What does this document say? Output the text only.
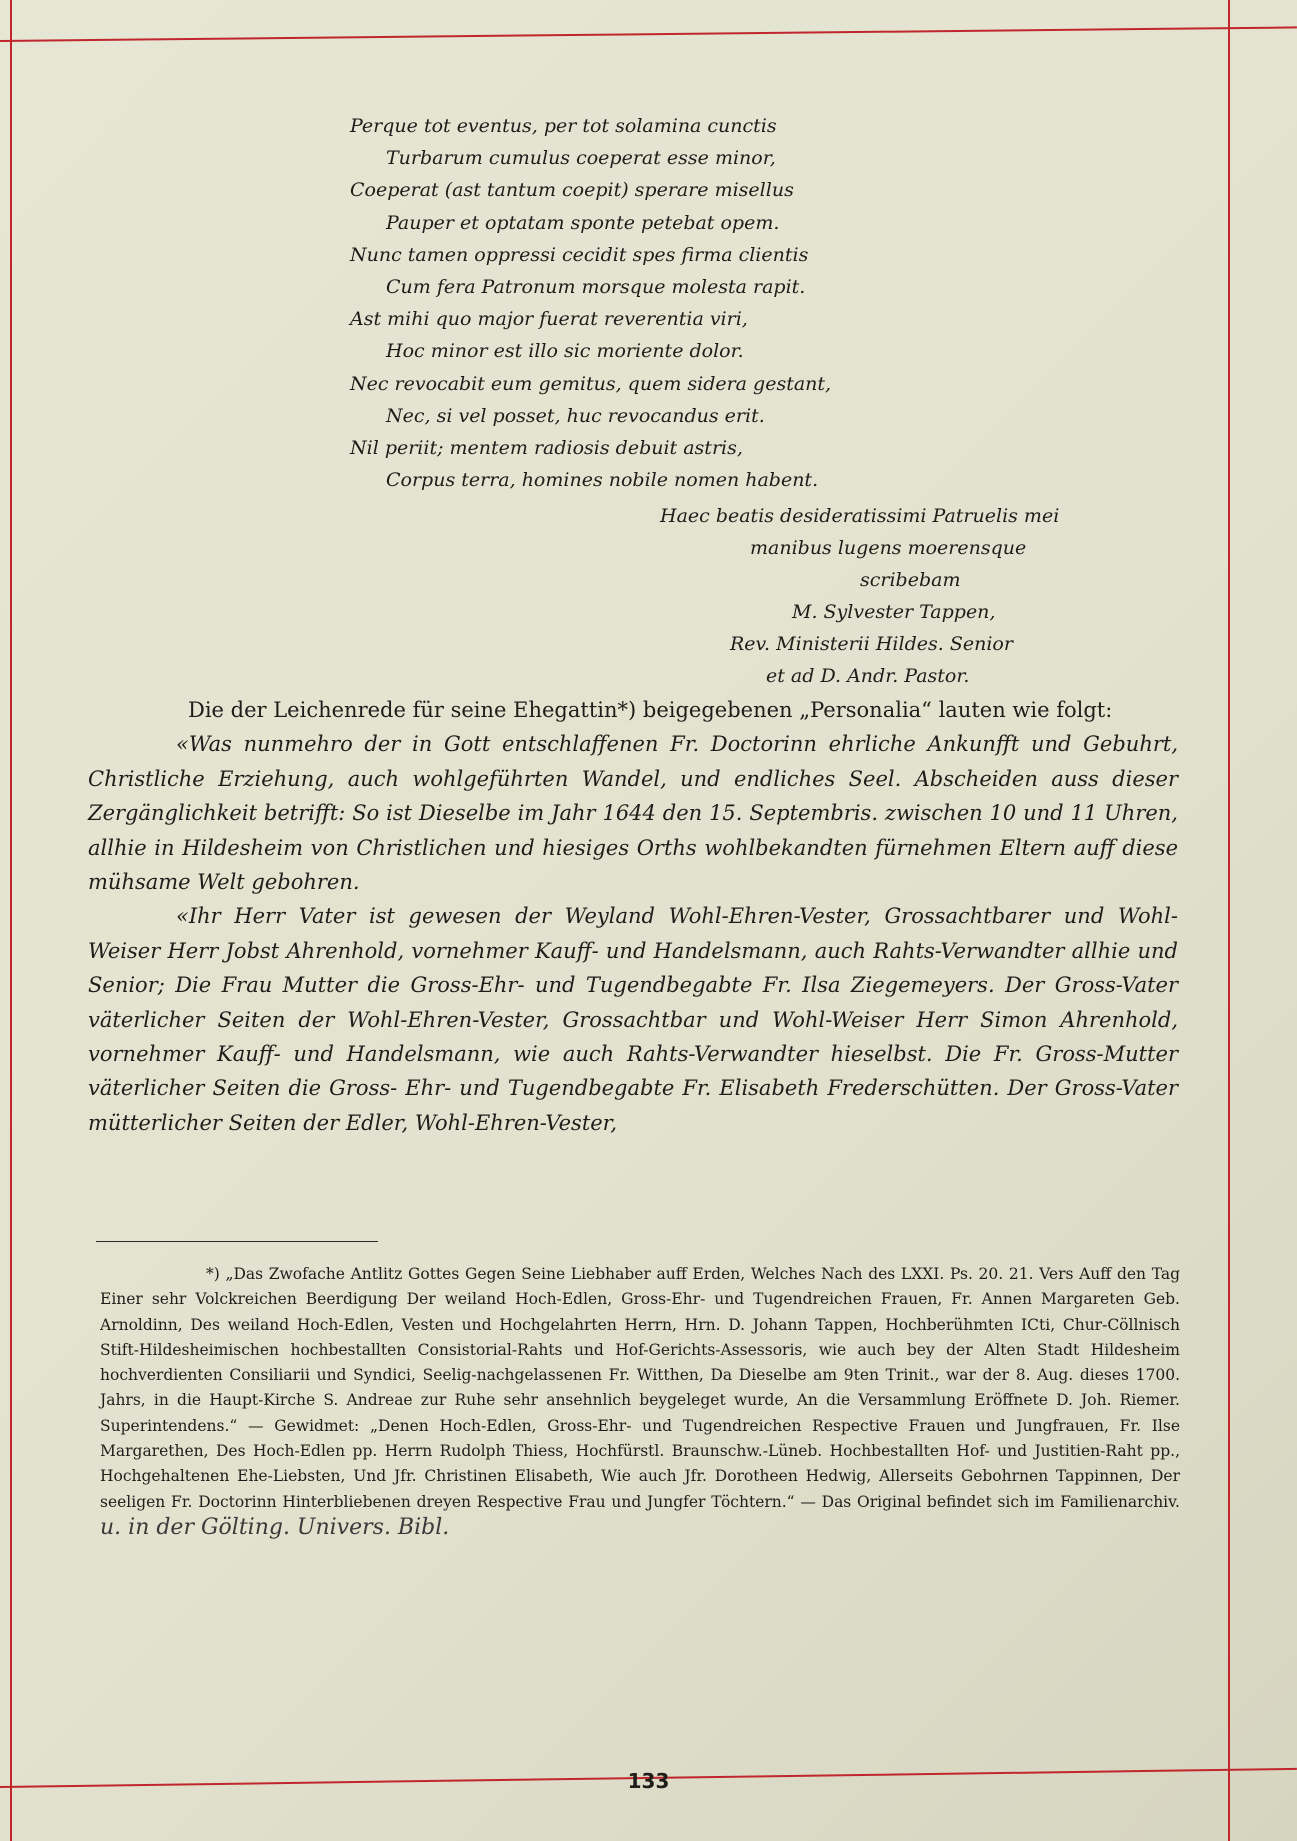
Perque tot eventus, per tot solamina cunctis
Turbarum cumulus coeperat esse minor,
Coeperat (ast tantum coepit) sperare misellus
Pauper et optatam sponte petebat opem.
Nunc tamen oppressi cecidit spes firma clientis
Cum fera Patronum morsque molesta rapit.
Ast mihi quo major fuerat reverentia viri,
Hoc minor est illo sic moriente dolor.
Nec revocabit eum gemitus, quem sidera gestant,
Nec, si vel posset, huc revocandus erit.
Nil periit; mentem radiosis debuit astris,
Corpus terra, homines nobile nomen habent.
Haec beatis desideratissimi Patruelis mei
manibus lugens moerensque
scribebam
M. Sylvester Tappen,
Rev. Ministerii Hildes. Senior
et ad D. Andr. Pastor.

Die der Leichenrede für seine Ehegattin*) beigegebenen „Personalia“ lauten wie folgt:

«Was nunmehro der in Gott entschlaffenen Fr. Doctorinn ehrliche Ankunfft und Gebuhrt, Christliche Erziehung, auch wohlgeführten Wandel, und endliches Seel. Abscheiden auss dieser Zergänglichkeit betrifft: So ist Dieselbe im Jahr 1644 den 15. Septembris. zwischen 10 und 11 Uhren, allhie in Hildesheim von Christlichen und hiesiges Orths wohlbekandten fürnehmen Eltern auff diese mühsame Welt gebohren.

«Ihr Herr Vater ist gewesen der Weyland Wohl-Ehren-Vester, Grossachtbarer und Wohl-Weiser Herr Jobst Ahrenhold, vornehmer Kauff- und Handelsmann, auch Rahts-Verwandter allhie und Senior; Die Frau Mutter die Gross-Ehr- und Tugendbegabte Fr. Ilsa Ziegemeyers. Der Gross-Vater väterlicher Seiten der Wohl-Ehren-Vester, Grossachtbar und Wohl-Weiser Herr Simon Ahrenhold, vornehmer Kauff- und Handelsmann, wie auch Rahts-Verwandter hieselbst. Die Fr. Gross-Mutter väterlicher Seiten die Gross- Ehr- und Tugendbegabte Fr. Elisabeth Frederschütten. Der Gross-Vater mütterlicher Seiten der Edler, Wohl-Ehren-Vester,

*) „Das Zwofache Antlitz Gottes Gegen Seine Liebhaber auff Erden, Welches Nach des LXXI. Ps. 20. 21. Vers Auff den Tag Einer sehr Volckreichen Beerdigung Der weiland Hoch-Edlen, Gross-Ehr- und Tugendreichen Frauen, Fr. Annen Margareten Geb. Arnoldinn, Des weiland Hoch-Edlen, Vesten und Hochgelahrten Herrn, Hrn. D. Johann Tappen, Hochberühmten ICti, Chur-Cöllnisch Stift-Hildesheimischen hochbestallten Consistorial-Rahts und Hof-Gerichts-Assessoris, wie auch bey der Alten Stadt Hildesheim hochverdienten Consiliarii und Syndici, Seelig-nachgelassenen Fr. Witthen, Da Dieselbe am 9ten Trinit., war der 8. Aug. dieses 1700. Jahrs, in die Haupt-Kirche S. Andreae zur Ruhe sehr ansehnlich beygeleget wurde, An die Versammlung Eröffnete D. Joh. Riemer. Superintendens.“ — Gewidmet: „Denen Hoch-Edlen, Gross-Ehr- und Tugendreichen Respective Frauen und Jungfrauen, Fr. Ilse Margarethen, Des Hoch-Edlen pp. Herrn Rudolph Thiess, Hochfürstl. Braunschw.-Lüneb. Hochbestallten Hof- und Justitien-Raht pp., Hochgehaltenen Ehe-Liebsten, Und Jfr. Christinen Elisabeth, Wie auch Jfr. Dorotheen Hedwig, Allerseits Gebohrnen Tappinnen, Der seeligen Fr. Doctorinn Hinterbliebenen dreyen Respective Frau und Jungfer Töchtern.“ — Das Original befindet sich im Familienarchiv. u. in der Gölting. Univers. Bibl.

133
